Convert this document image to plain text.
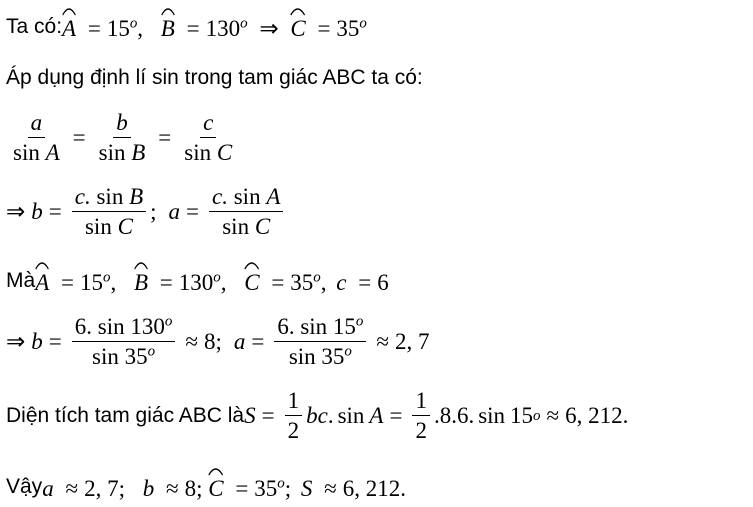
Ta có: $A = 15^o$, $B = 130^o$ ⇒ $C = 35^o$
Áp dụng định lí sin trong tam giác ABC ta có:
$\frac{a}{\text{sin A}} = \frac{b}{\text{sin B}} = \frac{c}{\text{sin C}}$
⇒ $b = \frac{\text{c. sin B}}{\text{sin C}}$ ; $a = \frac{\text{c. sin A}}{\text{sin C}}$
Mà $A = 15^o$, $B = 130^o$, $C = 35^o$, c = 6
⇒ $b = \frac{6. \sin 130^o}{\sin 35^o} \approx 8$; $a = \frac{6. \sin 15^o}{\sin 35^o} \approx 2$, 7
Diện tích tam giác ABC là $S = \frac{1}{2}$ bc . $\sin A = \frac{1}{2} .8.6$. sin 15 o ≈ 6, 212.
Vậy a ≈ 2, 7; b ≈ 8; $C = 35^o$; S ≈ 6, 212.
